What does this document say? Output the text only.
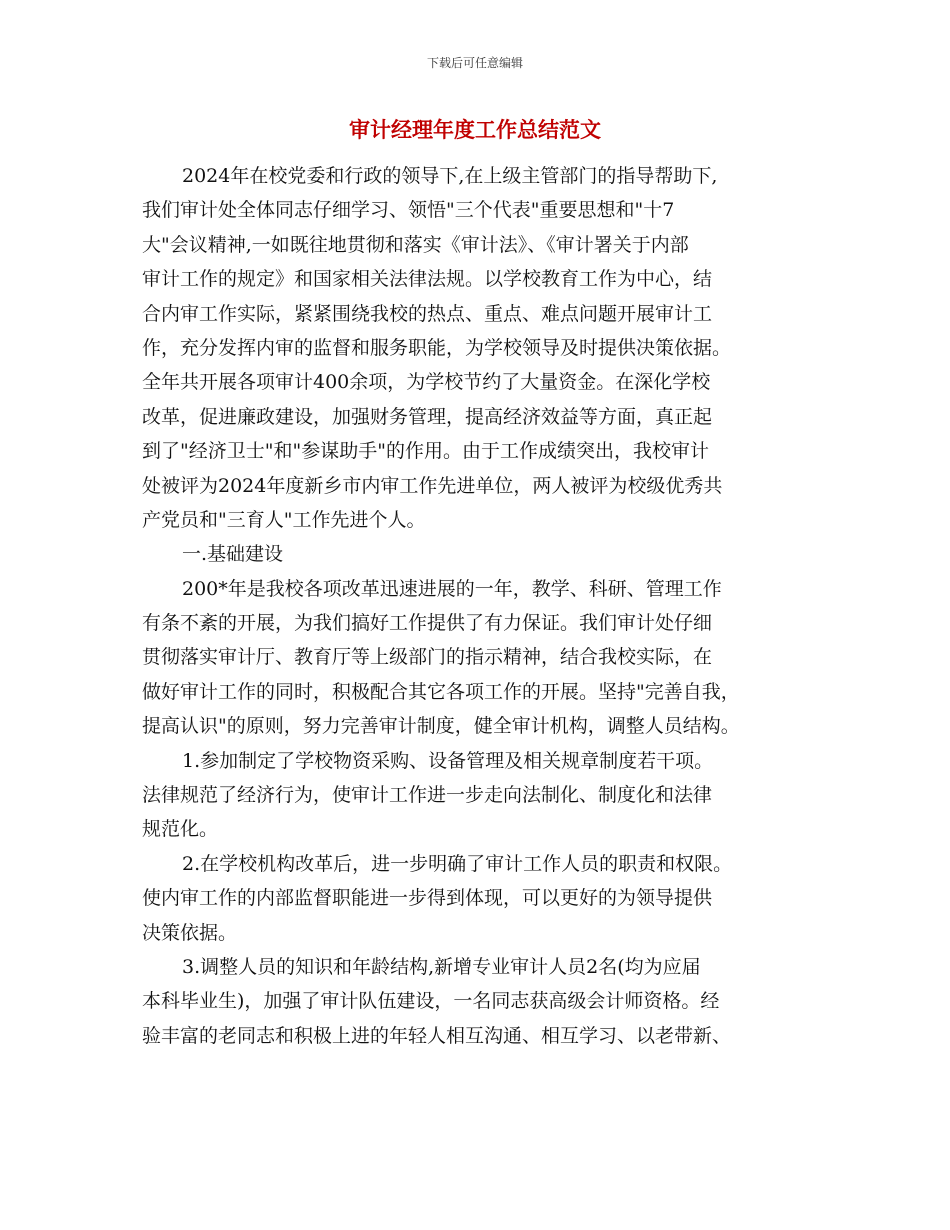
下载后可任意编辑
审计经理年度工作总结范文
2024年在校党委和行政的领导下,在上级主管部门的指导帮助下,
我们审计处全体同志仔细学习、领悟"三个代表"重要思想和"十7
大"会议精神,一如既往地贯彻和落实《审计法》、《审计署关于内部
审计工作的规定》和国家相关法律法规。以学校教育工作为中心，结
合内审工作实际，紧紧围绕我校的热点、重点、难点问题开展审计工
作，充分发挥内审的监督和服务职能，为学校领导及时提供决策依据。
全年共开展各项审计400余项，为学校节约了大量资金。在深化学校
改革，促进廉政建设，加强财务管理，提高经济效益等方面，真正起
到了"经济卫士"和"参谋助手"的作用。由于工作成绩突出，我校审计
处被评为2024年度新乡市内审工作先进单位，两人被评为校级优秀共
产党员和"三育人"工作先进个人。
一.基础建设
200*年是我校各项改革迅速进展的一年，教学、科研、管理工作
有条不紊的开展，为我们搞好工作提供了有力保证。我们审计处仔细
贯彻落实审计厅、教育厅等上级部门的指示精神，结合我校实际，在
做好审计工作的同时，积极配合其它各项工作的开展。坚持"完善自我，
提高认识"的原则，努力完善审计制度，健全审计机构，调整人员结构。
1.参加制定了学校物资采购、设备管理及相关规章制度若干项。
法律规范了经济行为，使审计工作进一步走向法制化、制度化和法律
规范化。
2.在学校机构改革后，进一步明确了审计工作人员的职责和权限。
使内审工作的内部监督职能进一步得到体现，可以更好的为领导提供
决策依据。
3.调整人员的知识和年龄结构,新增专业审计人员2名(均为应届
本科毕业生)，加强了审计队伍建设，一名同志获高级会计师资格。经
验丰富的老同志和积极上进的年轻人相互沟通、相互学习、以老带新、
